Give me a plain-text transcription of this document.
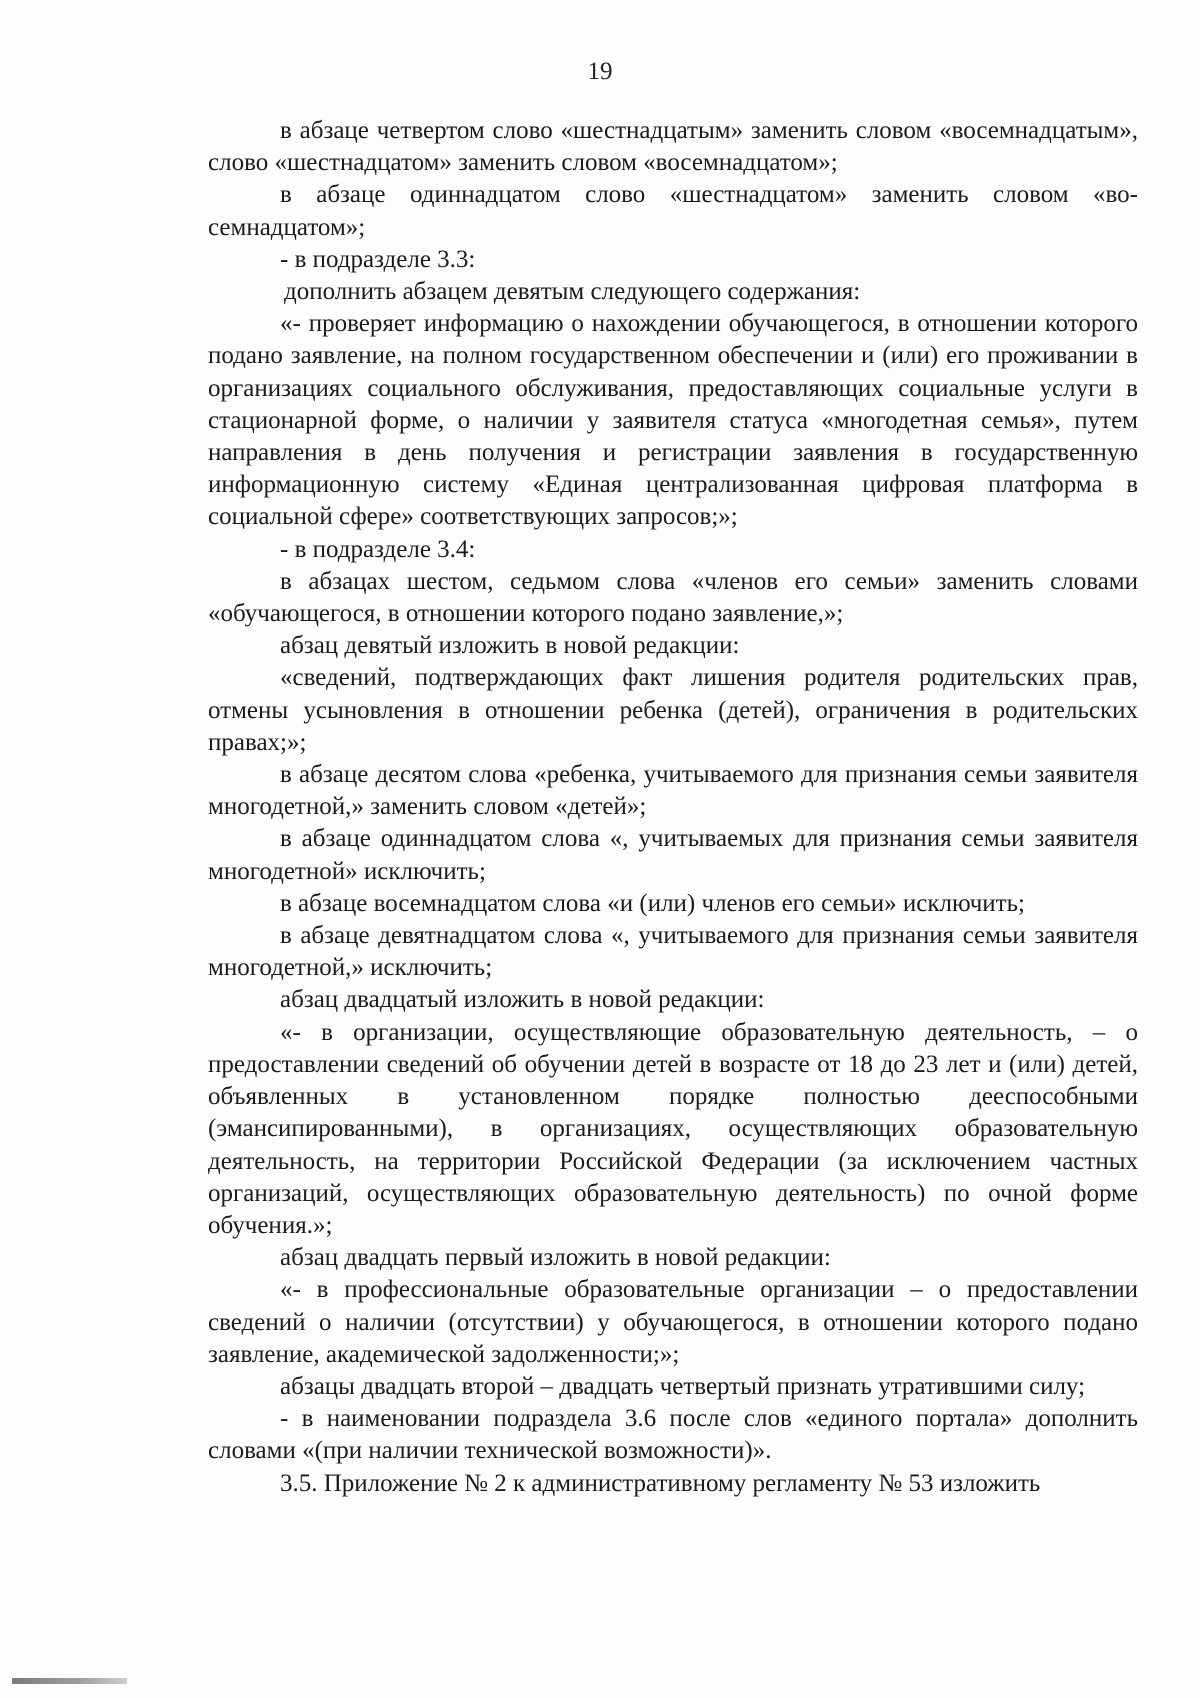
19

в абзаце четвертом слово «шестнадцатым» заменить словом «восемнадцатым», слово «шестнадцатом» заменить словом «восемнадцатом»;

в абзаце одиннадцатом слово «шестнадцатом» заменить словом «восемнадцатом»;

- в подразделе 3.3:

дополнить абзацем девятым следующего содержания:

«- проверяет информацию о нахождении обучающегося, в отношении которого подано заявление, на полном государственном обеспечении и (или) его проживании в организациях социального обслуживания, предоставляющих социальные услуги в стационарной форме, о наличии у заявителя статуса «многодетная семья», путем направления в день получения и регистрации заявления в государственную информационную систему «Единая централизованная цифровая платформа в социальной сфере» соответствующих запросов;»;

- в подразделе 3.4:

в абзацах шестом, седьмом слова «членов его семьи» заменить словами «обучающегося, в отношении которого подано заявление,»;

абзац девятый изложить в новой редакции:

«сведений, подтверждающих факт лишения родителя родительских прав, отмены усыновления в отношении ребенка (детей), ограничения в родительских правах;»;

в абзаце десятом слова «ребенка, учитываемого для признания семьи заявителя многодетной,» заменить словом «детей»;

в абзаце одиннадцатом слова «, учитываемых для признания семьи заявителя многодетной» исключить;

в абзаце восемнадцатом слова «и (или) членов его семьи» исключить;

в абзаце девятнадцатом слова «, учитываемого для признания семьи заявителя многодетной,» исключить;

абзац двадцатый изложить в новой редакции:

«- в организации, осуществляющие образовательную деятельность, – о предоставлении сведений об обучении детей в возрасте от 18 до 23 лет и (или) детей, объявленных в установленном порядке полностью дееспособными (эмансипированными), в организациях, осуществляющих образовательную деятельность, на территории Российской Федерации (за исключением частных организаций, осуществляющих образовательную деятельность) по очной форме обучения.»;

абзац двадцать первый изложить в новой редакции:

«- в профессиональные образовательные организации – о предоставлении сведений о наличии (отсутствии) у обучающегося, в отношении которого подано заявление, академической задолженности;»;

абзацы двадцать второй – двадцать четвертый признать утратившими силу;

- в наименовании подраздела 3.6 после слов «единого портала» дополнить словами «(при наличии технической возможности)».

3.5. Приложение № 2 к административному регламенту № 53 изложить
